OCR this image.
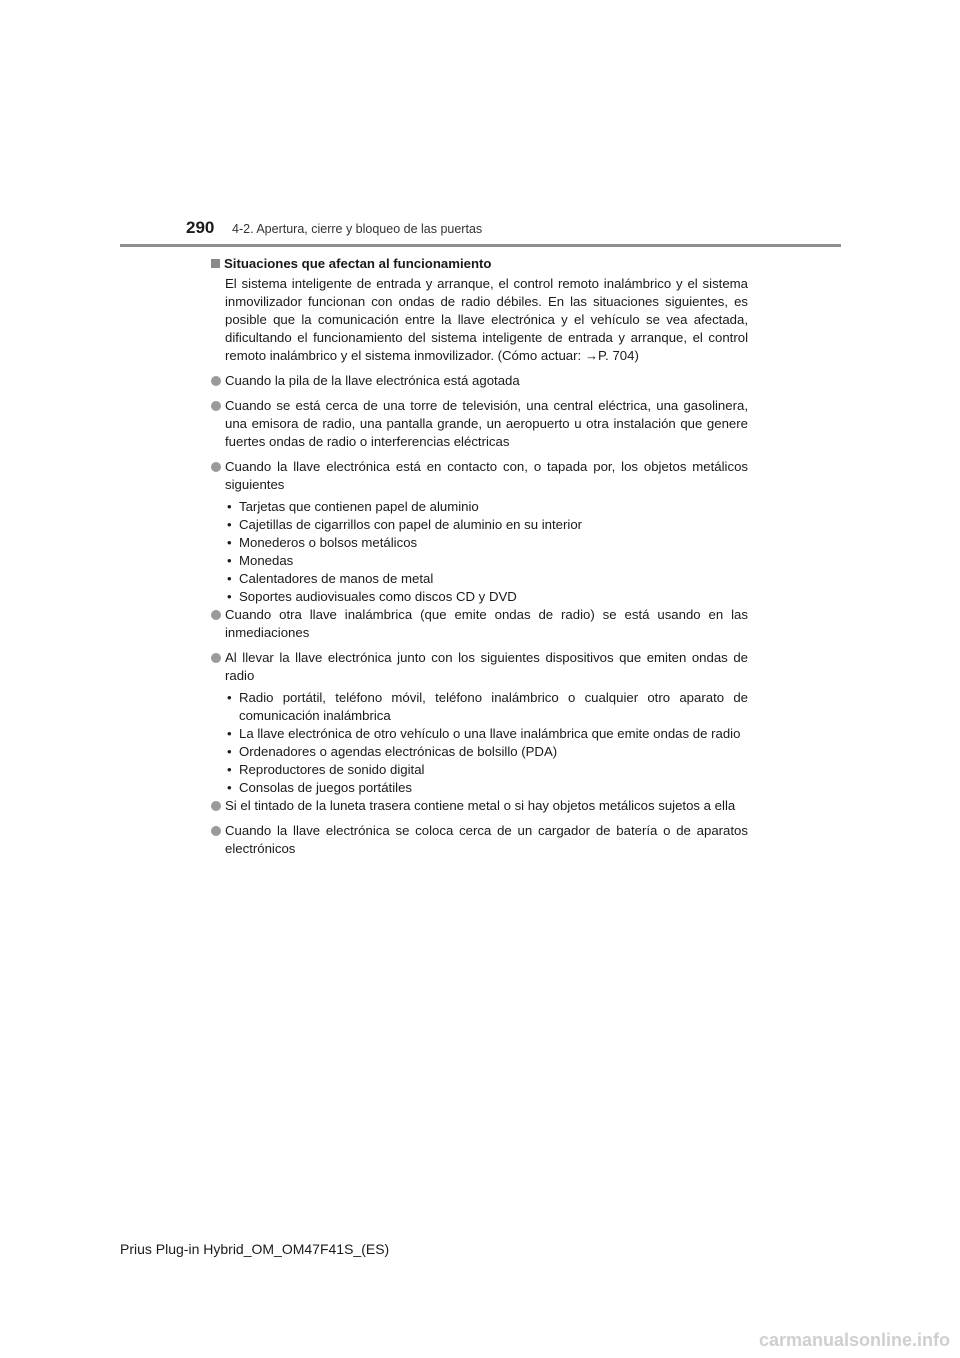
290 4-2. Apertura, cierre y bloqueo de las puertas
Situaciones que afectan al funcionamiento

El sistema inteligente de entrada y arranque, el control remoto inalámbrico y el sistema inmovilizador funcionan con ondas de radio débiles. En las situaciones siguientes, es posible que la comunicación entre la llave electrónica y el vehículo se vea afectada, dificultando el funcionamiento del sistema inteligente de entrada y arranque, el control remoto inalámbrico y el sistema inmovilizador. (Cómo actuar: →P. 704)

Cuando la pila de la llave electrónica está agotada
Cuando se está cerca de una torre de televisión, una central eléctrica, una gasolinera, una emisora de radio, una pantalla grande, un aeropuerto u otra instalación que genere fuertes ondas de radio o interferencias eléctricas
Cuando la llave electrónica está en contacto con, o tapada por, los objetos metálicos siguientes
• Tarjetas que contienen papel de aluminio
• Cajetillas de cigarrillos con papel de aluminio en su interior
• Monederos o bolsos metálicos
• Monedas
• Calentadores de manos de metal
• Soportes audiovisuales como discos CD y DVD
Cuando otra llave inalámbrica (que emite ondas de radio) se está usando en las inmediaciones
Al llevar la llave electrónica junto con los siguientes dispositivos que emiten ondas de radio
• Radio portátil, teléfono móvil, teléfono inalámbrico o cualquier otro aparato de comunicación inalámbrica
• La llave electrónica de otro vehículo o una llave inalámbrica que emite ondas de radio
• Ordenadores o agendas electrónicas de bolsillo (PDA)
• Reproductores de sonido digital
• Consolas de juegos portátiles
Si el tintado de la luneta trasera contiene metal o si hay objetos metálicos sujetos a ella
Cuando la llave electrónica se coloca cerca de un cargador de batería o de aparatos electrónicos
Prius Plug-in Hybrid_OM_OM47F41S_(ES)
carmanualsonline.info
